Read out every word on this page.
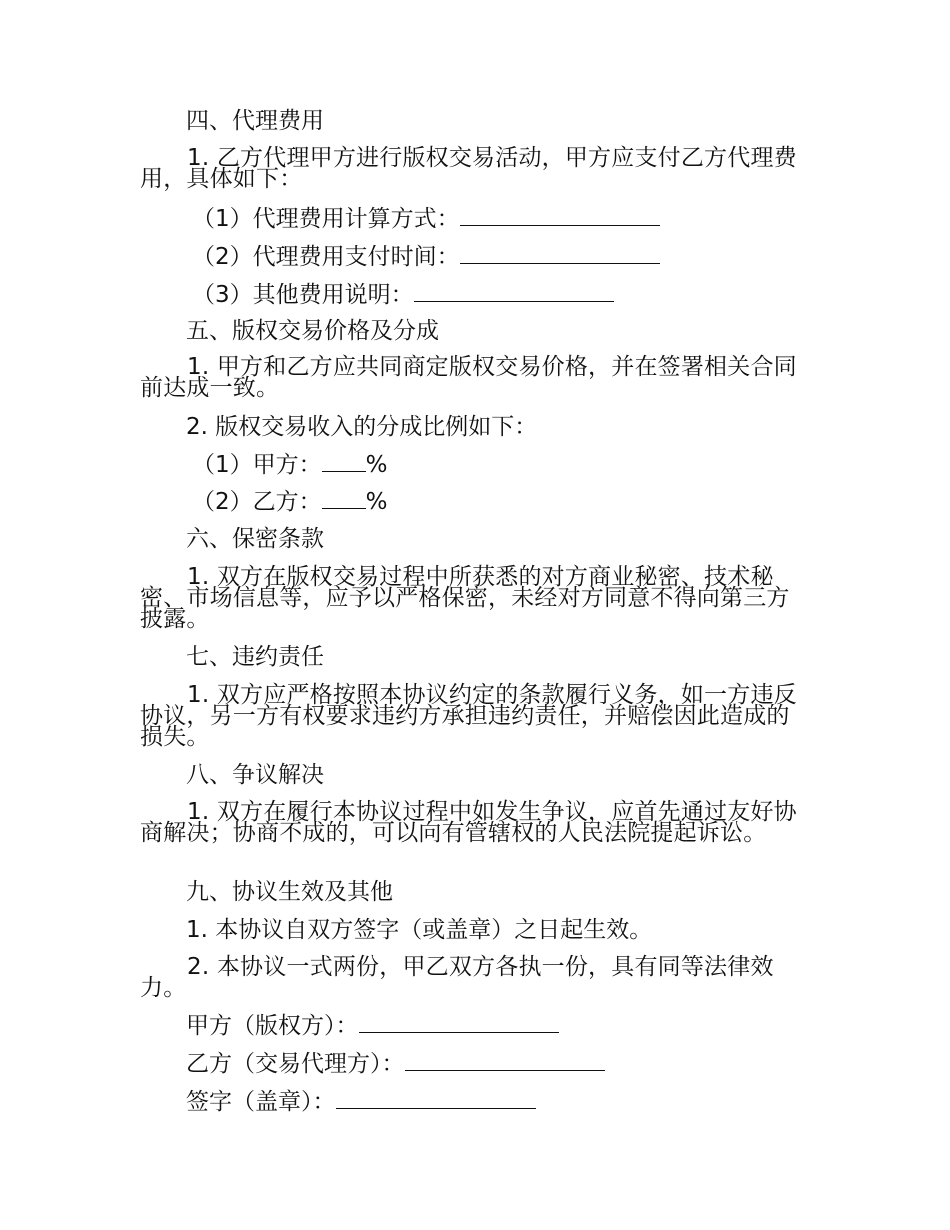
四、代理费用

1. 乙方代理甲方进行版权交易活动，甲方应支付乙方代理费用，具体如下：

（1）代理费用计算方式：
（2）代理费用支付时间：
（3）其他费用说明：

五、版权交易价格及分成

1. 甲方和乙方应共同商定版权交易价格，并在签署相关合同前达成一致。

2. 版权交易收入的分成比例如下：

（1）甲方： %
（2）乙方： %

六、保密条款

1. 双方在版权交易过程中所获悉的对方商业秘密、技术秘密、市场信息等，应予以严格保密，未经对方同意不得向第三方披露。

七、违约责任

1. 双方应严格按照本协议约定的条款履行义务，如一方违反协议，另一方有权要求违约方承担违约责任，并赔偿因此造成的损失。

八、争议解决

1. 双方在履行本协议过程中如发生争议，应首先通过友好协商解决；协商不成的，可以向有管辖权的人民法院提起诉讼。

九、协议生效及其他

1. 本协议自双方签字（或盖章）之日起生效。

2. 本协议一式两份，甲乙双方各执一份，具有同等法律效力。

甲方（版权方）：
乙方（交易代理方）：
签字（盖章）：
